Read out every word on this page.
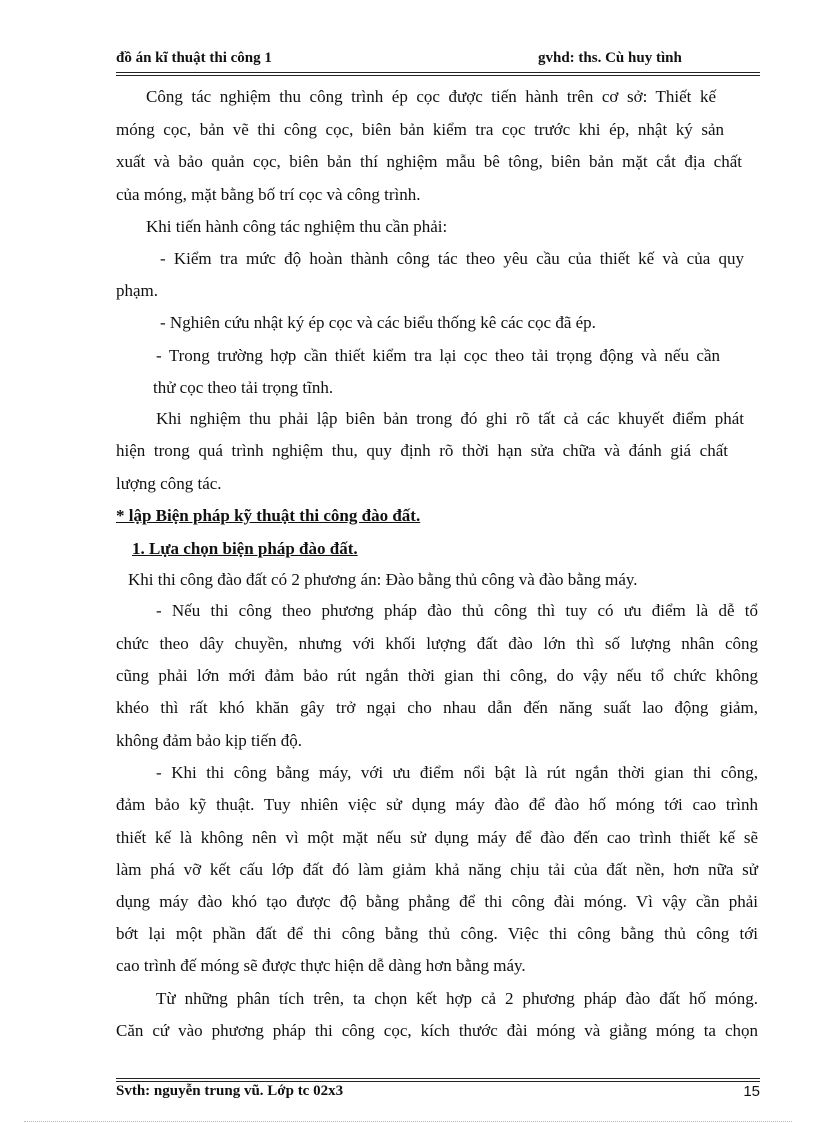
đồ án kĩ thuật thi công 1	gvhd: ths. Cù huy tình
Công tác nghiệm thu công trình ép cọc được tiến hành trên cơ sở: Thiết kế
móng cọc, bản vẽ thi công cọc, biên bản kiểm tra cọc trước khi ép, nhật ký sản
xuất và bảo quản cọc, biên bản thí nghiệm mẫu bê tông, biên bản mặt cắt địa chất
của móng, mặt bằng bố trí cọc và công trình.
Khi tiến hành công tác nghiệm thu cần phải:
- Kiểm tra mức độ hoàn thành công tác theo yêu cầu của thiết kế và của quy
phạm.
- Nghiên cứu nhật ký ép cọc và các biểu thống kê các cọc đã ép.
- Trong trường hợp cần thiết kiểm tra lại cọc theo tải trọng động và nếu cần
thử cọc theo tải trọng tĩnh.
Khi nghiệm thu phải lập biên bản trong đó ghi rõ tất cả các khuyết điểm phát
hiện trong quá trình nghiệm thu, quy định rõ thời hạn sửa chữa và đánh giá chất
lượng công tác.
* lập Biện pháp kỹ thuật thi công đào đất.
1. Lựa chọn biện pháp đào đất.
Khi thi công đào đất có 2 phương án: Đào bằng thủ công và đào bằng máy.
- Nếu thi công theo phương pháp đào thủ công thì tuy có ưu điểm là dễ tổ
chức theo dây chuyền, nhưng với khối lượng đất đào lớn thì số lượng nhân công
cũng phải lớn mới đảm bảo rút ngắn thời gian thi công, do vậy nếu tổ chức không
khéo thì rất khó khăn gây trở ngại cho nhau dẫn đến năng suất lao động giảm,
không đảm bảo kịp tiến độ.
- Khi thi công bằng máy, với ưu điểm nổi bật là rút ngắn thời gian thi công,
đảm bảo kỹ thuật. Tuy nhiên việc sử dụng máy đào để đào hố móng tới cao trình
thiết kế là không nên vì một mặt nếu sử dụng máy để đào đến cao trình thiết kế sẽ
làm phá vỡ kết cấu lớp đất đó làm giảm khả năng chịu tải của đất nền, hơn nữa sử
dụng máy đào khó tạo được độ bằng phẳng để thi công đài móng. Vì vậy cần phải
bớt lại một phần đất để thi công bằng thủ công. Việc thi công bằng thủ công tới
cao trình đế móng sẽ được thực hiện dễ dàng hơn bằng máy.
Từ những phân tích trên, ta chọn kết hợp cả 2 phương pháp đào đất hố móng.
Căn cứ vào phương pháp thi công cọc, kích thước đài móng và giằng móng ta chọn
Svth: nguyễn trung vũ. Lớp tc 02x3	15
